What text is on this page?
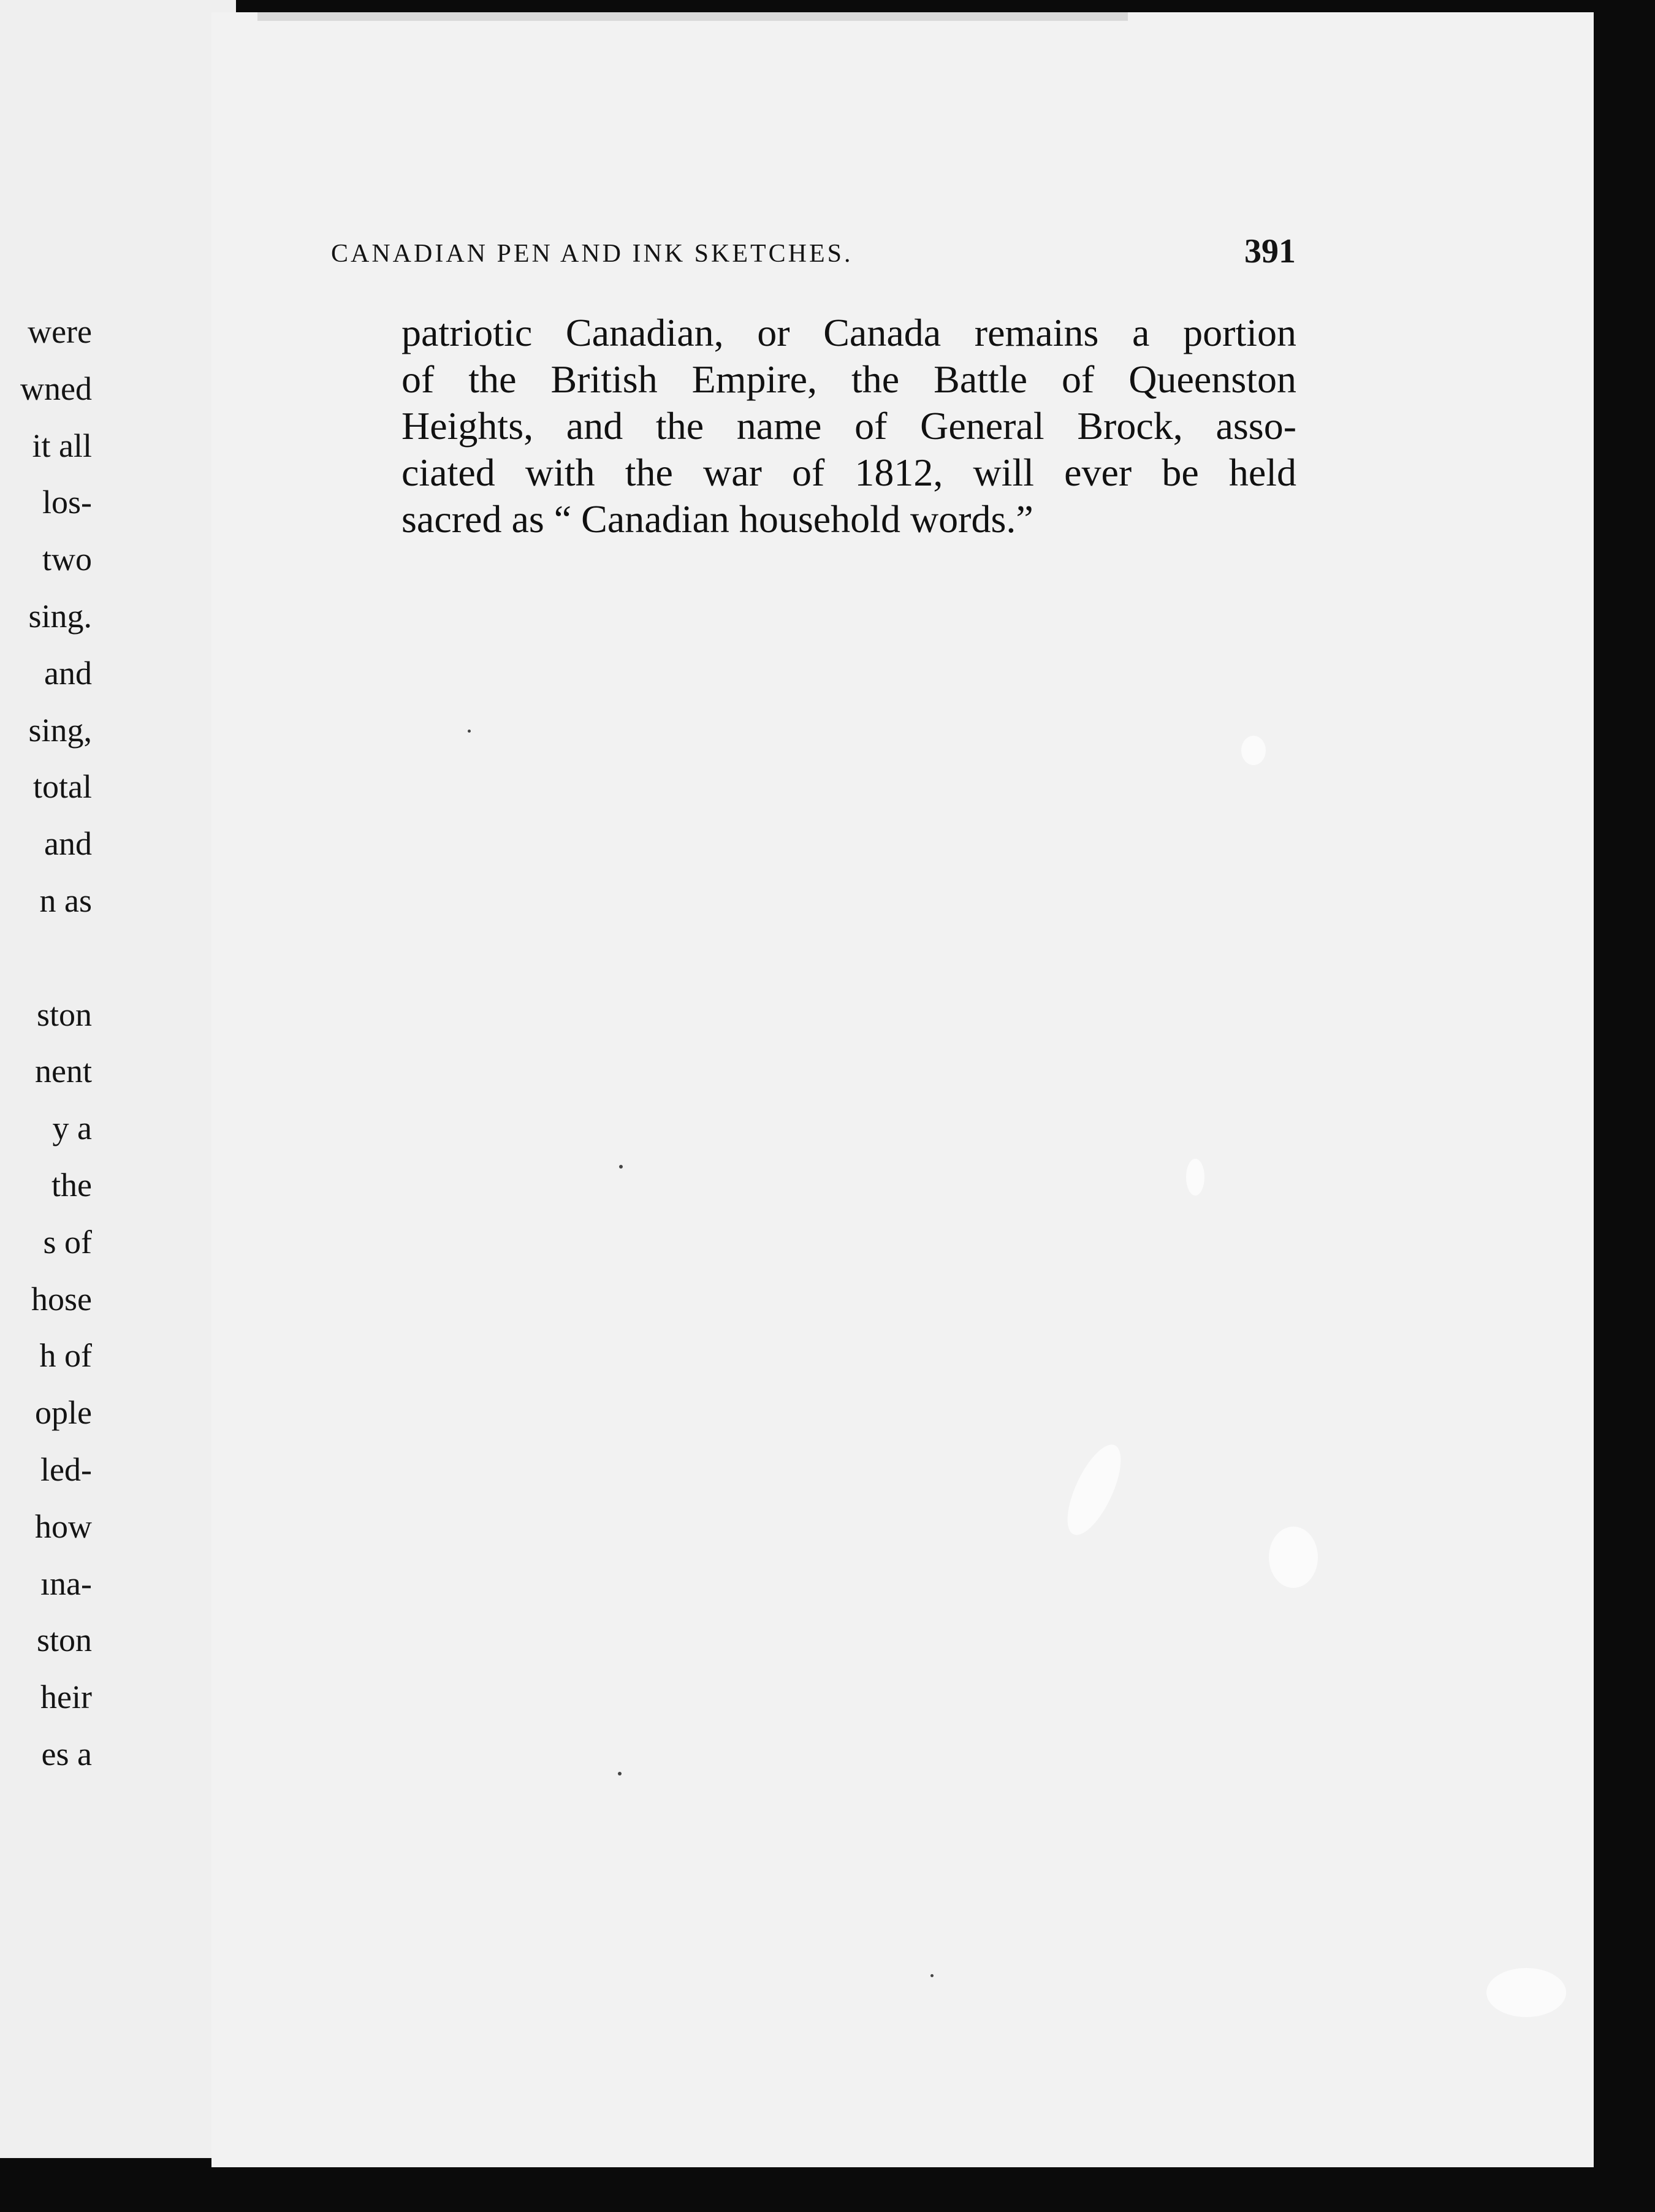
were
wned
it all
los-
two
sing.
and
sing,
total
and
n as
ston
nent
y a
the
s of
hose
h of
ople
led-
how
ına-
ston
heir
es a
CANADIAN PEN AND INK SKETCHES.	391
patriotic Canadian, or Canada remains a portion
of the British Empire, the Battle of Queenston
Heights, and the name of General Brock, asso-
ciated with the war of 1812, will ever be held
sacred as “ Canadian household words.”
